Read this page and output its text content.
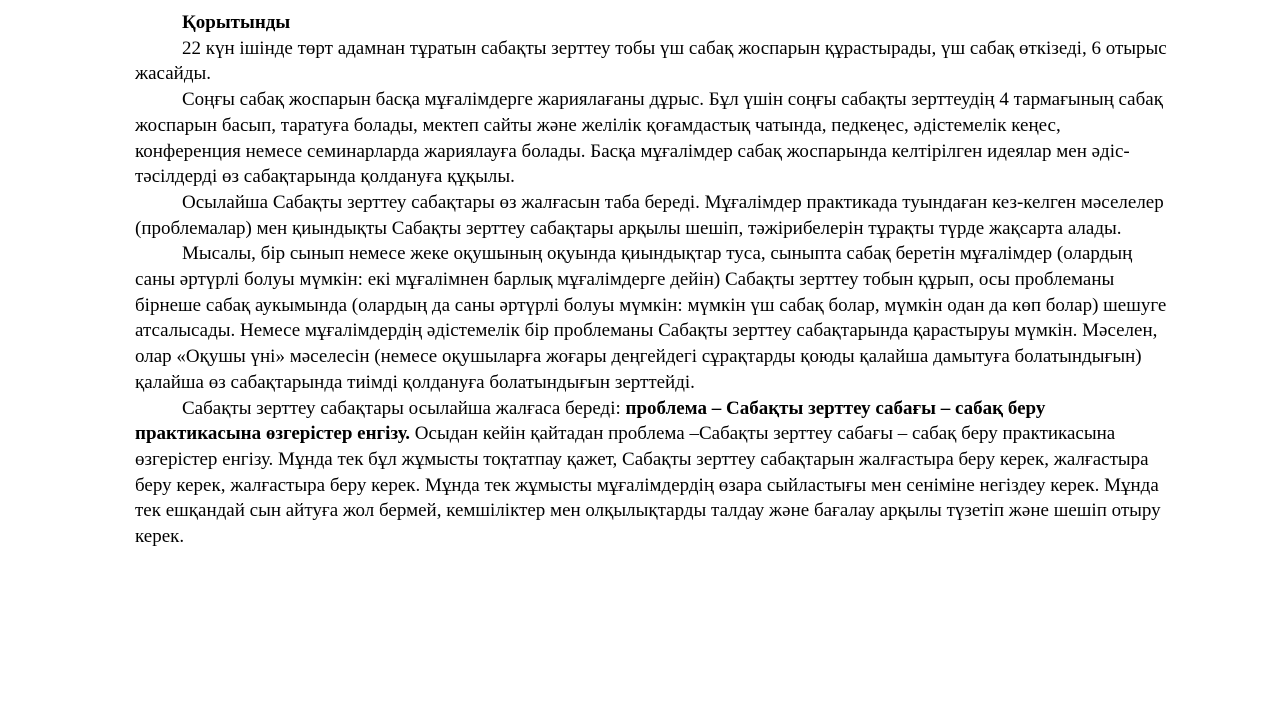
Қорытынды

22 күн ішінде төрт адамнан тұратын сабақты зерттеу тобы үш сабақ жоспарын құрастырады, үш сабақ өткізеді, 6 отырыс жасайды.

Соңғы сабақ жоспарын басқа мұғалімдерге жариялағаны дұрыс. Бұл үшін соңғы сабақты зерттеудің 4 тармағының сабақ жоспарын басып, таратуға болады, мектеп сайты және желілік қоғамдастық чатында, педкеңес, әдістемелік кеңес, конференция немесе семинарларда жариялауға болады. Басқа мұғалімдер сабақ жоспарында келтірілген идеялар мен әдіс-тәсілдерді өз сабақтарында қолдануға құқылы.

Осылайша Сабақты зерттеу сабақтары өз жалғасын таба береді. Мұғалімдер практикада туындаған кез-келген мәселелер (проблемалар) мен қиындықты Сабақты зерттеу сабақтары арқылы шешіп, тәжірибелерін тұрақты түрде жақсарта алады.

Мысалы, бір сынып немесе жеке оқушының оқуында қиындықтар туса, сыныпта сабақ беретін мұғалімдер (олардың саны әртүрлі болуы мүмкін: екі мұғалімнен барлық мұғалімдерге дейін) Сабақты зерттеу тобын құрып, осы проблеманы бірнеше сабақ аукымында (олардың да саны әртүрлі болуы мүмкін: мүмкін үш сабақ болар, мүмкін одан да көп болар) шешуге атсалысады. Немесе мұғалімдердің әдістемелік бір проблеманы Сабақты зерттеу сабақтарында қарастыруы мүмкін. Мәселен, олар «Оқушы үні» мәселесін (немесе оқушыларға жоғары деңгейдегі сұрақтарды қоюды қалайша дамытуға болатындығын) қалайша өз сабақтарында тиімді қолдануға болатындығын зерттейді.

Сабақты зерттеу сабақтары осылайша жалғаса береді: проблема – Сабақты зерттеу сабағы – сабақ беру практикасына өзгерістер енгізу. Осыдан кейін қайтадан проблема –Сабақты зерттеу сабағы – сабақ беру практикасына өзгерістер енгізу. Мұнда тек бұл жұмысты тоқтатпау қажет, Сабақты зерттеу сабақтарын жалғастыра беру керек, жалғастыра беру керек, жалғастыра беру керек. Мұнда тек жұмысты мұғалімдердің өзара сыйластығы мен сеніміне негіздеу керек. Мұнда тек ешқандай сын айтуға жол бермей, кемшіліктер мен олқылықтарды талдау және бағалау арқылы түзетіп және шешіп отыру керек.
